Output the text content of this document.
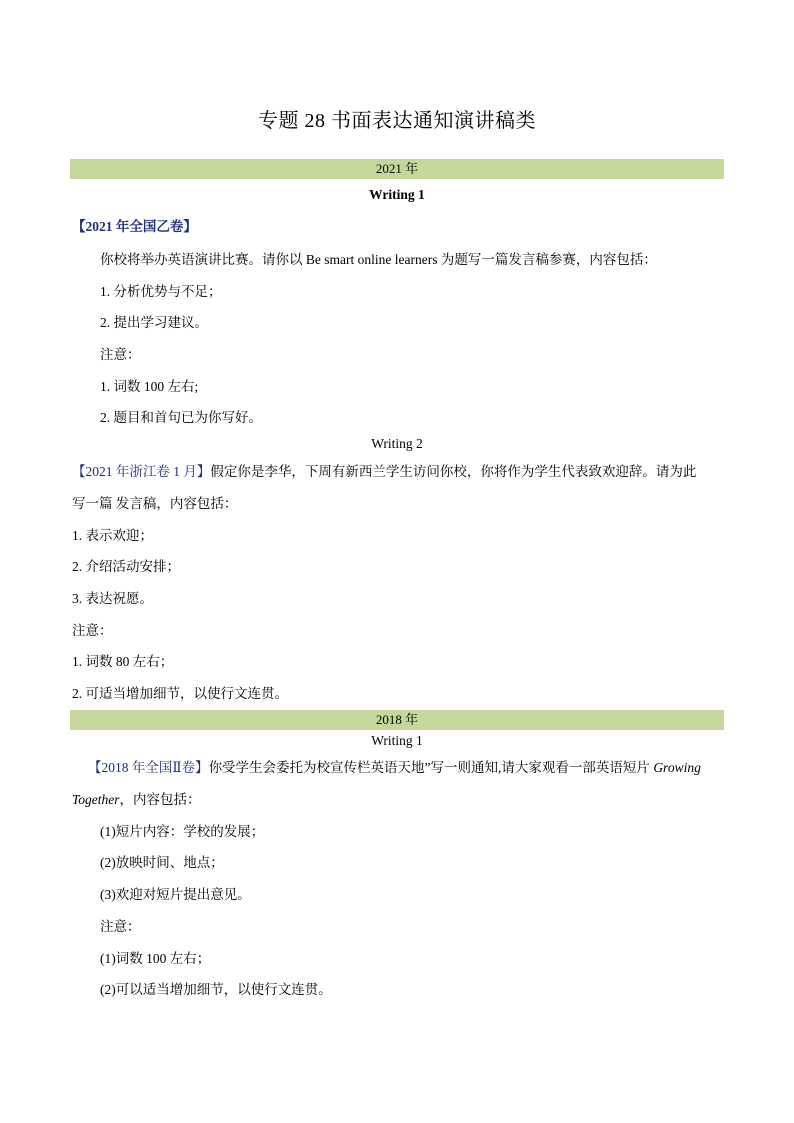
专题 28 书面表达通知演讲稿类
2021 年
Writing 1
【2021 年全国乙卷】
你校将举办英语演讲比赛。请你以 Be smart online learners 为题写一篇发言稿参赛，内容包括：
1. 分析优势与不足；
2. 提出学习建议。
注意：
1. 词数 100 左右;
2. 题目和首句已为你写好。
Writing 2
【2021 年浙江卷 1 月】假定你是李华，下周有新西兰学生访问你校，你将作为学生代表致欢迎辞。请为此
写一篇 发言稿，内容包括：
1. 表示欢迎；
2. 介绍活动安排；
3. 表达祝愿。
注意：
1. 词数 80 左右；
2. 可适当增加细节，以使行文连贯。
2018 年
Writing 1
【2018 年全国Ⅱ卷】你受学生会委托为校宣传栏英语天地”写一则通知,请大家观看一部英语短片 Growing
Together，内容包括：
(1)短片内容：学校的发展；
(2)放映时间、地点；
(3)欢迎对短片提出意见。
注意：
(1)词数 100 左右；
(2)可以适当增加细节，以使行文连贯。
